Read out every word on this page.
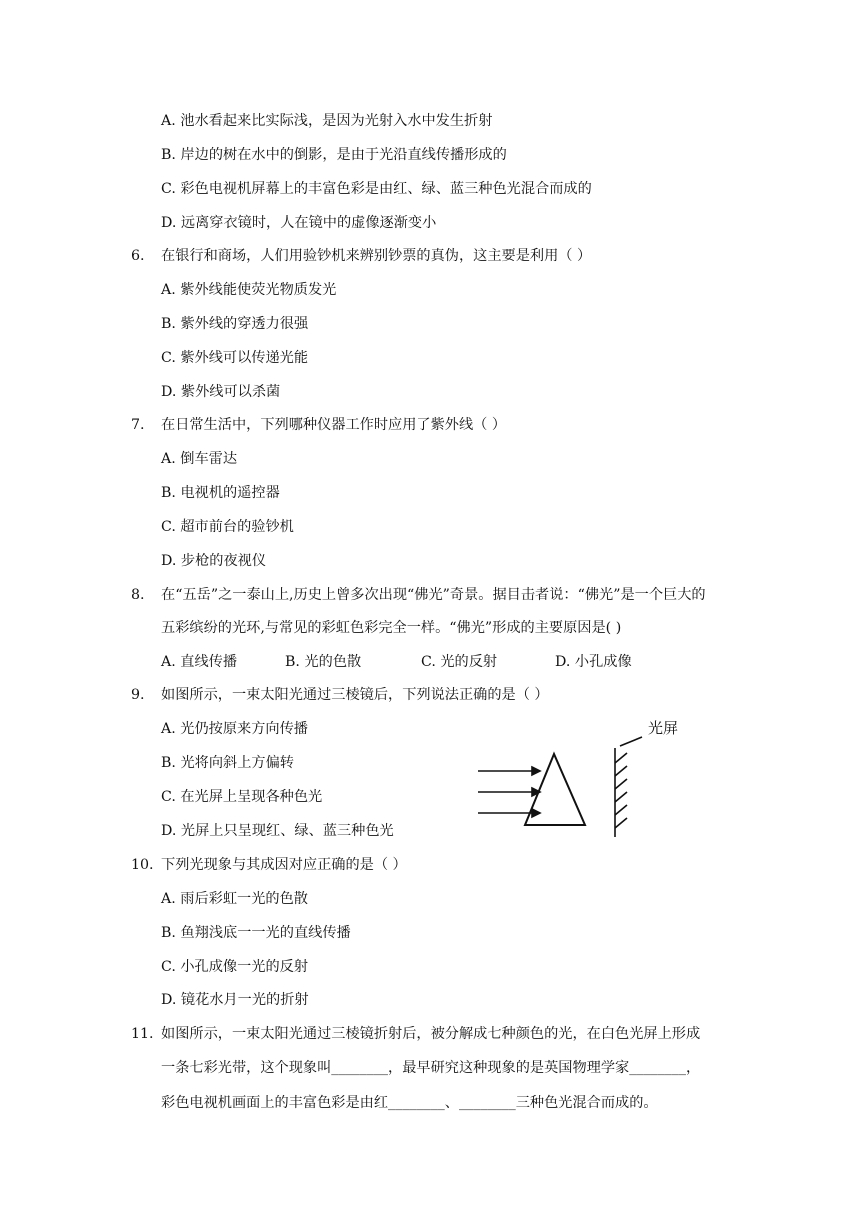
A. 池水看起来比实际浅，是因为光射入水中发生折射
B. 岸边的树在水中的倒影，是由于光沿直线传播形成的
C. 彩色电视机屏幕上的丰富色彩是由红、绿、蓝三种色光混合而成的
D. 远离穿衣镜时，人在镜中的虚像逐渐变小
6. 在银行和商场，人们用验钞机来辨别钞票的真伪，这主要是利用（ ）
A. 紫外线能使荧光物质发光
B. 紫外线的穿透力很强
C. 紫外线可以传递光能
D. 紫外线可以杀菌
7. 在日常生活中，下列哪种仪器工作时应用了紫外线（ ）
A. 倒车雷达
B. 电视机的遥控器
C. 超市前台的验钞机
D. 步枪的夜视仪
8. 在“五岳”之一泰山上,历史上曾多次出现“佛光”奇景。据目击者说：“佛光”是一个巨大的
五彩缤纷的光环,与常见的彩虹色彩完全一样。“佛光”形成的主要原因是( )
A. 直线传播	B. 光的色散	C. 光的反射	D. 小孔成像
9. 如图所示，一束太阳光通过三棱镜后，下列说法正确的是（ ）
A. 光仍按原来方向传播
B. 光将向斜上方偏转
C. 在光屏上呈现各种色光
D. 光屏上只呈现红、绿、蓝三种色光
光屏
10. 下列光现象与其成因对应正确的是（ ）
A. 雨后彩虹一光的色散
B. 鱼翔浅底一一光的直线传播
C. 小孔成像一光的反射
D. 镜花水月一光的折射
11. 如图所示，一束太阳光通过三棱镜折射后，被分解成七种颜色的光，在白色光屏上形成
一条七彩光带，这个现象叫________，最早研究这种现象的是英国物理学家________，
彩色电视机画面上的丰富色彩是由红________、________三种色光混合而成的。
